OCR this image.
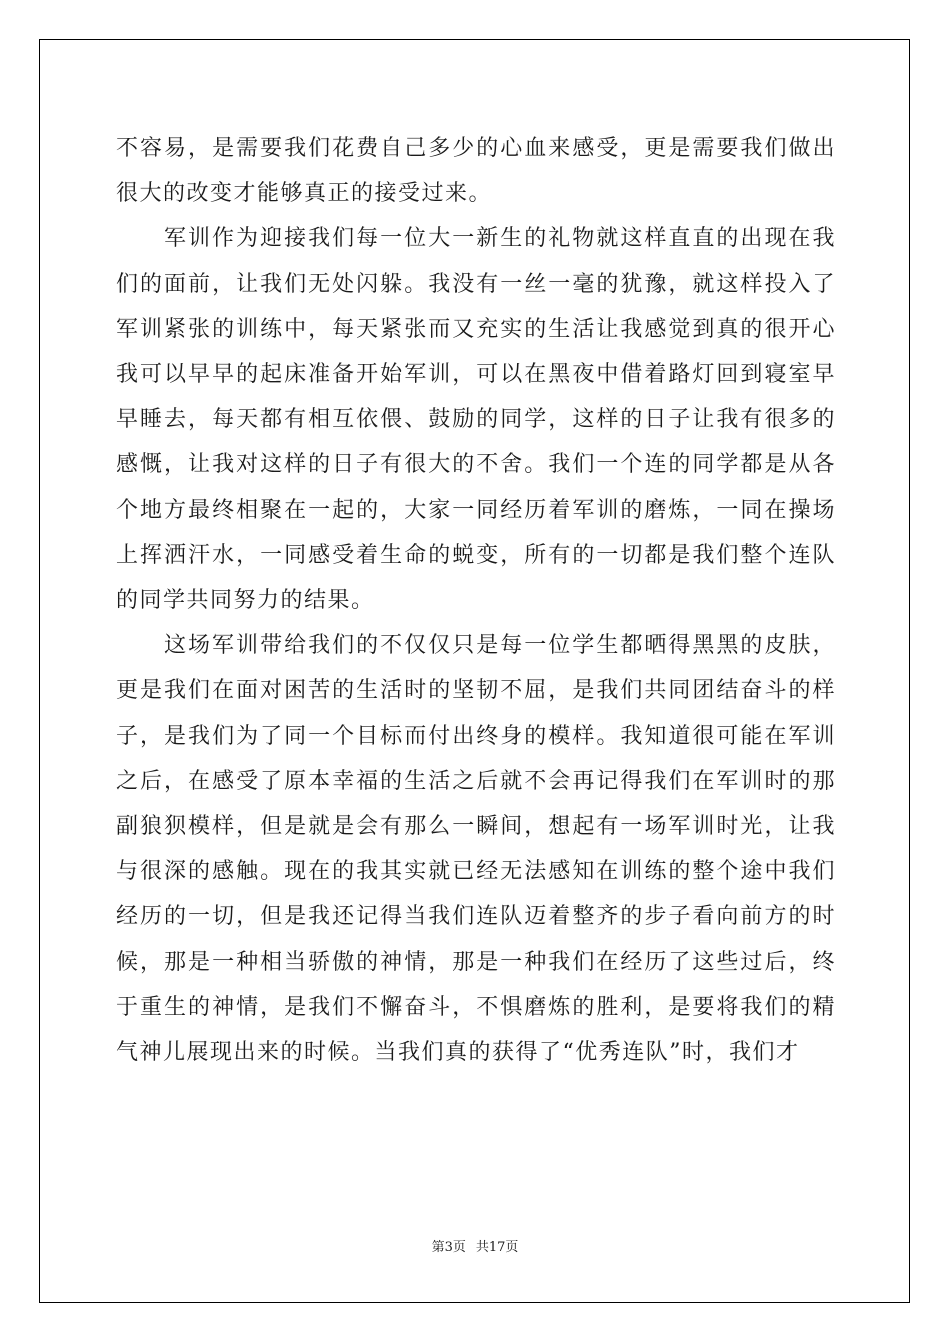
不容易，是需要我们花费自己多少的心血来感受，更是需要我们做出很大的改变才能够真正的接受过来。

军训作为迎接我们每一位大一新生的礼物就这样直直的出现在我们的面前，让我们无处闪躲。我没有一丝一毫的犹豫，就这样投入了军训紧张的训练中，每天紧张而又充实的生活让我感觉到真的很开心我可以早早的起床准备开始军训，可以在黑夜中借着路灯回到寝室早早睡去，每天都有相互依偎、鼓励的同学，这样的日子让我有很多的感慨，让我对这样的日子有很大的不舍。我们一个连的同学都是从各个地方最终相聚在一起的，大家一同经历着军训的磨炼，一同在操场上挥洒汗水，一同感受着生命的蜕变，所有的一切都是我们整个连队的同学共同努力的结果。

这场军训带给我们的不仅仅只是每一位学生都晒得黑黑的皮肤，更是我们在面对困苦的生活时的坚韧不屈，是我们共同团结奋斗的样子，是我们为了同一个目标而付出终身的模样。我知道很可能在军训之后，在感受了原本幸福的生活之后就不会再记得我们在军训时的那副狼狈模样，但是就是会有那么一瞬间，想起有一场军训时光，让我与很深的感触。现在的我其实就已经无法感知在训练的整个途中我们经历的一切，但是我还记得当我们连队迈着整齐的步子看向前方的时候，那是一种相当骄傲的神情，那是一种我们在经历了这些过后，终于重生的神情，是我们不懈奋斗，不惧磨炼的胜利，是要将我们的精气神儿展现出来的时候。当我们真的获得了“优秀连队”时，我们才

第3页 共17页
